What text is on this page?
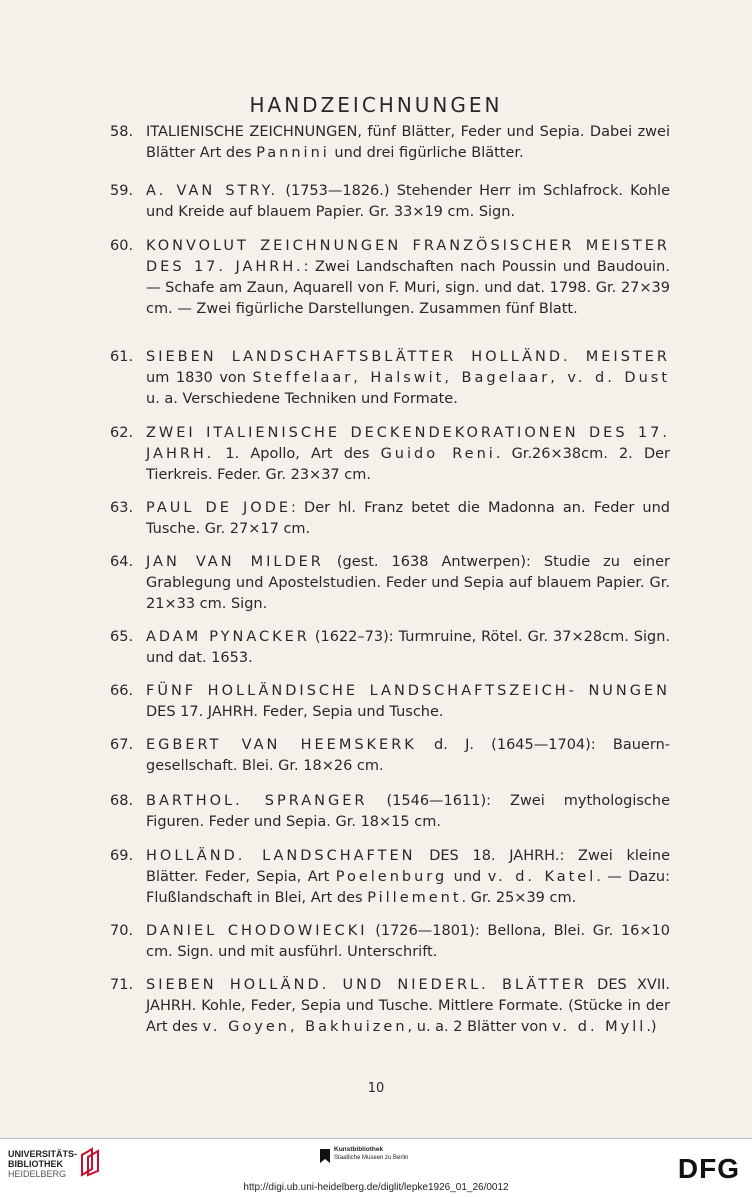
HANDZEICHNUNGEN
58. ITALIENISCHE ZEICHNUNGEN, fünf Blätter, Feder und Sepia. Dabei zwei Blätter Art des Pannini und drei figürliche Blätter.
59. A. VAN STRY. (1753—1826.) Stehender Herr im Schlafrock. Kohle und Kreide auf blauem Papier. Gr. 33×19 cm. Sign.
60. KONVOLUT ZEICHNUNGEN FRANZÖSISCHER MEISTER DES 17. JAHRH.: Zwei Landschaften nach Poussin und Baudouin. — Schafe am Zaun, Aquarell von F. Muri, sign. und dat. 1798. Gr. 27×39 cm. — Zwei figürliche Darstellungen. Zusammen fünf Blatt.
61. SIEBEN LANDSCHAFTSBLÄTTER HOLLÄND. MEISTER um 1830 von Steffelaar, Halswit, Bagelaar, v. d. Dust u. a. Verschiedene Techniken und Formate.
62. ZWEI ITALIENISCHE DECKENDEKORATIONEN DES 17. JAHRH. 1. Apollo, Art des Guido Reni. Gr.26×38cm. 2. Der Tierkreis. Feder. Gr. 23×37 cm.
63. PAUL DE JODE: Der hl. Franz betet die Madonna an. Feder und Tusche. Gr. 27×17 cm.
64. JAN VAN MILDER (gest. 1638 Antwerpen): Studie zu einer Grablegung und Apostelstudien. Feder und Sepia auf blauem Papier. Gr. 21×33 cm. Sign.
65. ADAM PYNACKER (1622–73): Turmruine, Rötel. Gr. 37×28cm. Sign. und dat. 1653.
66. FÜNF HOLLÄNDISCHE LANDSCHAFTSZEICH- NUNGEN DES 17. JAHRH. Feder, Sepia und Tusche.
67. EGBERT VAN HEEMSKERK d. J. (1645—1704): Bauern- gesellschaft. Blei. Gr. 18×26 cm.
68. BARTHOL. SPRANGER (1546—1611): Zwei mythologische Figuren. Feder und Sepia. Gr. 18×15 cm.
69. HOLLÄND. LANDSCHAFTEN DES 18. JAHRH.: Zwei kleine Blätter. Feder, Sepia, Art Poelenburg und v. d. Katel. — Dazu: Flußlandschaft in Blei, Art des Pillement. Gr. 25×39 cm.
70. DANIEL CHODOWIECKI (1726—1801): Bellona, Blei. Gr. 16×10 cm. Sign. und mit ausführl. Unterschrift.
71. SIEBEN HOLLÄND. UND NIEDERL. BLÄTTER DES XVII. JAHRH. Kohle, Feder, Sepia und Tusche. Mittlere Formate. (Stücke in der Art des v. Goyen, Bakhuizen, u. a. 2 Blätter von v. d. Myll.)
10
UNIVERSITÄTS-
BIBLIOTHEK
HEIDELBERG
Kunstbibliothek
Staatliche Museen zu Berlin	DFG
http://digi.ub.uni-heidelberg.de/diglit/lepke1926_01_26/0012
